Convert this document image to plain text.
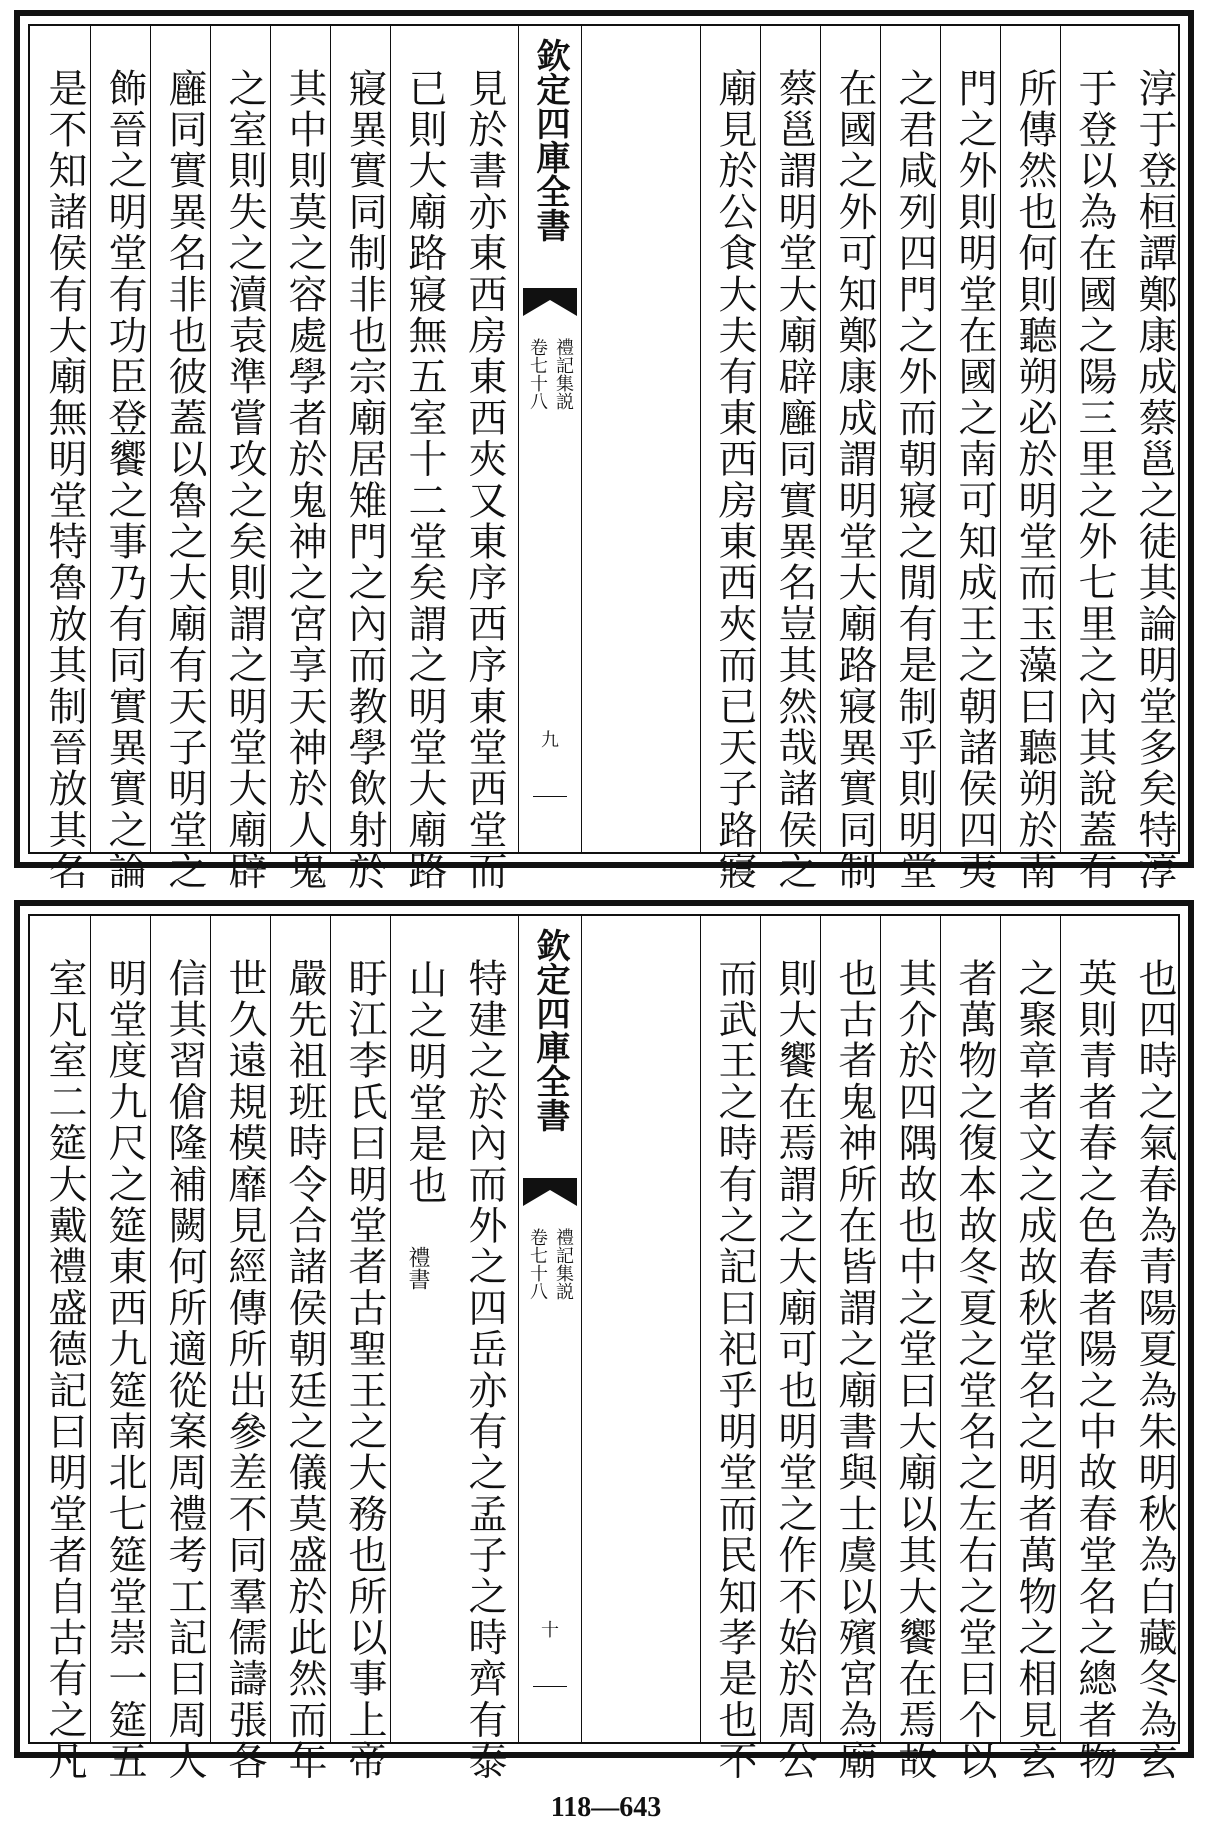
見於書亦東西房東西夾又東序西序東堂西堂而
已則大廟路寢無五室十二堂矣謂之明堂大廟路
寢異實同制非也宗廟居雉門之內而教學飲射於
其中則莫之容處學者於鬼神之宮享天神於人鬼
之室則失之瀆袁準嘗攻之矣則謂之明堂大廟辟
廱同實異名非也彼蓋以魯之大廟有天子明堂之
飾晉之明堂有功臣登饗之事乃有同實異實之論
是不知諸侯有大廟無明堂特魯放其制晉放其名	欽定四庫全書
禮記集説
卷七十八
九	淳于登桓譚鄭康成蔡邕之徒其論明堂多矣特淳
于登以為在國之陽三里之外七里之內其說蓋有
所傳然也何則聽朔必於明堂而玉藻曰聽朔於南
門之外則明堂在國之南可知成王之朝諸侯四夷
之君咸列四門之外而朝寢之閒有是制乎則明堂
在國之外可知鄭康成謂明堂大廟路寢異實同制
蔡邕謂明堂大廟辟廱同實異名豈其然哉諸侯之
廟見於公食大夫有東西房東西夾而已天子路寢
特建之於內而外之四岳亦有之孟子之時齊有泰
山之明堂是也
禮書
盱江李氏曰明堂者古聖王之大務也所以事上帝
嚴先祖班時令合諸侯朝廷之儀莫盛於此然而年
世久遠規模靡見經傳所出參差不同羣儒譸張各
信其習傖隆補闕何所適從案周禮考工記曰周人
明堂度九尺之筵東西九筵南北七筵堂崇一筵五
室凡室二筵大戴禮盛德記曰明堂者自古有之凡	欽定四庫全書
禮記集説
卷七十八
十	也四時之氣春為青陽夏為朱明秋為白藏冬為玄
英則青者春之色春者陽之中故春堂名之總者物
之聚章者文之成故秋堂名之明者萬物之相見玄
者萬物之復本故冬夏之堂名之左右之堂曰个以
其介於四隅故也中之堂曰大廟以其大饗在焉故
也古者鬼神所在皆謂之廟書與士虞以殯宮為廟
則大饗在焉謂之大廟可也明堂之作不始於周公
而武王之時有之記曰祀乎明堂而民知孝是也不
118—643
